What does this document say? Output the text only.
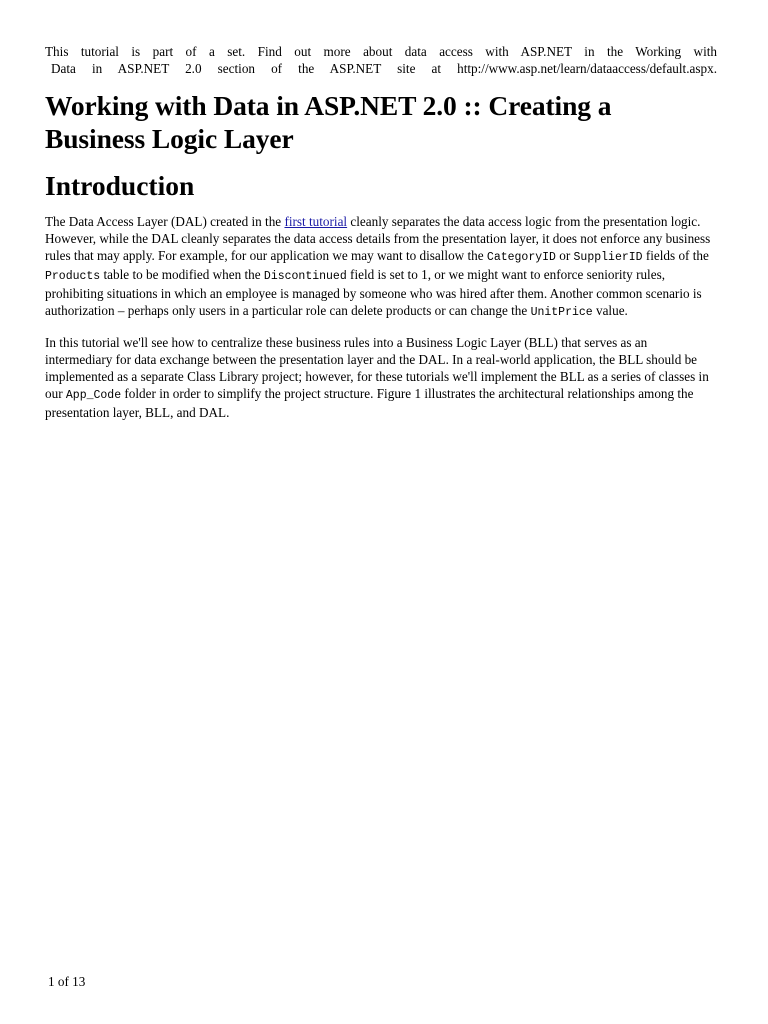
This tutorial is part of a set. Find out more about data access with ASP.NET in the Working with
Data in ASP.NET 2.0 section of the ASP.NET site at http://www.asp.net/learn/dataaccess/default.aspx.

Working with Data in ASP.NET 2.0 :: Creating a
Business Logic Layer
Introduction

The Data Access Layer (DAL) created in the first tutorial cleanly separates the data access logic from the presentation logic. However, while the DAL cleanly separates the data access details from the presentation layer, it does not enforce any business rules that may apply. For example, for our application we may want to disallow the CategoryID or SupplierID fields of the Products table to be modified when the Discontinued field is set to 1, or we might want to enforce seniority rules, prohibiting situations in which an employee is managed by someone who was hired after them. Another common scenario is authorization – perhaps only users in a particular role can delete products or can change the UnitPrice value.

In this tutorial we'll see how to centralize these business rules into a Business Logic Layer (BLL) that serves as an intermediary for data exchange between the presentation layer and the DAL. In a real-world application, the BLL should be implemented as a separate Class Library project; however, for these tutorials we'll implement the BLL as a series of classes in our App_Code folder in order to simplify the project structure. Figure 1 illustrates the architectural relationships among the presentation layer, BLL, and DAL.

1 of 13
